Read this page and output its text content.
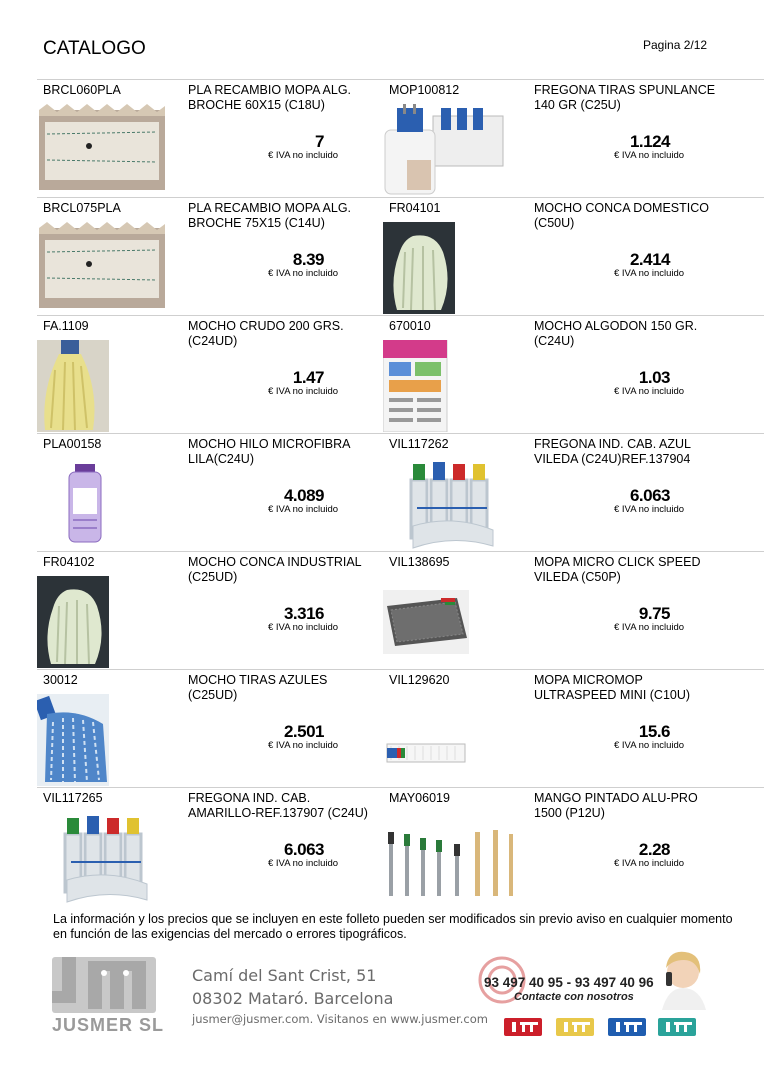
CATALOGO	Pagina 2/12
BRCL060PLA	PLA RECAMBIO MOPA ALG. BROCHE 60X15 (C18U)
7
€ IVA no incluido
MOP100812	FREGONA TIRAS SPUNLANCE 140 GR (C25U)
1.124
€ IVA no incluido
BRCL075PLA	PLA RECAMBIO MOPA ALG. BROCHE 75X15 (C14U)
8.39
€ IVA no incluido
FR04101	MOCHO CONCA DOMESTICO (C50U)
2.414
€ IVA no incluido
FA.1109	MOCHO CRUDO 200 GRS.(C24UD)
1.47
€ IVA no incluido
670010	MOCHO ALGODON 150 GR. (C24U)
1.03
€ IVA no incluido
PLA00158	MOCHO HILO MICROFIBRA LILA(C24U)
4.089
€ IVA no incluido
VIL117262	FREGONA IND. CAB. AZUL VILEDA (C24U)REF.137904
6.063
€ IVA no incluido
FR04102	MOCHO CONCA INDUSTRIAL (C25UD)
3.316
€ IVA no incluido
VIL138695	MOPA MICRO CLICK SPEED VILEDA (C50P)
9.75
€ IVA no incluido
30012	MOCHO TIRAS AZULES (C25UD)
2.501
€ IVA no incluido
VIL129620	MOPA MICROMOP ULTRASPEED MINI (C10U)
15.6
€ IVA no incluido
VIL117265	FREGONA IND. CAB. AMARILLO-REF.137907 (C24U)
6.063
€ IVA no incluido
MAY06019	MANGO PINTADO ALU-PRO 1500 (P12U)
2.28
€ IVA no incluido
La información y los precios que se incluyen en este folleto pueden ser modificados sin previo aviso en cualquier momento en función de las exigencias del mercado o errores tipográficos.
JUSMER SL
Camí del Sant Crist, 51
08302 Mataró. Barcelona
jusmer@jusmer.com. Visitanos en www.jusmer.com
93 497 40 95 - 93 497 40 96
Contacte con nosotros
